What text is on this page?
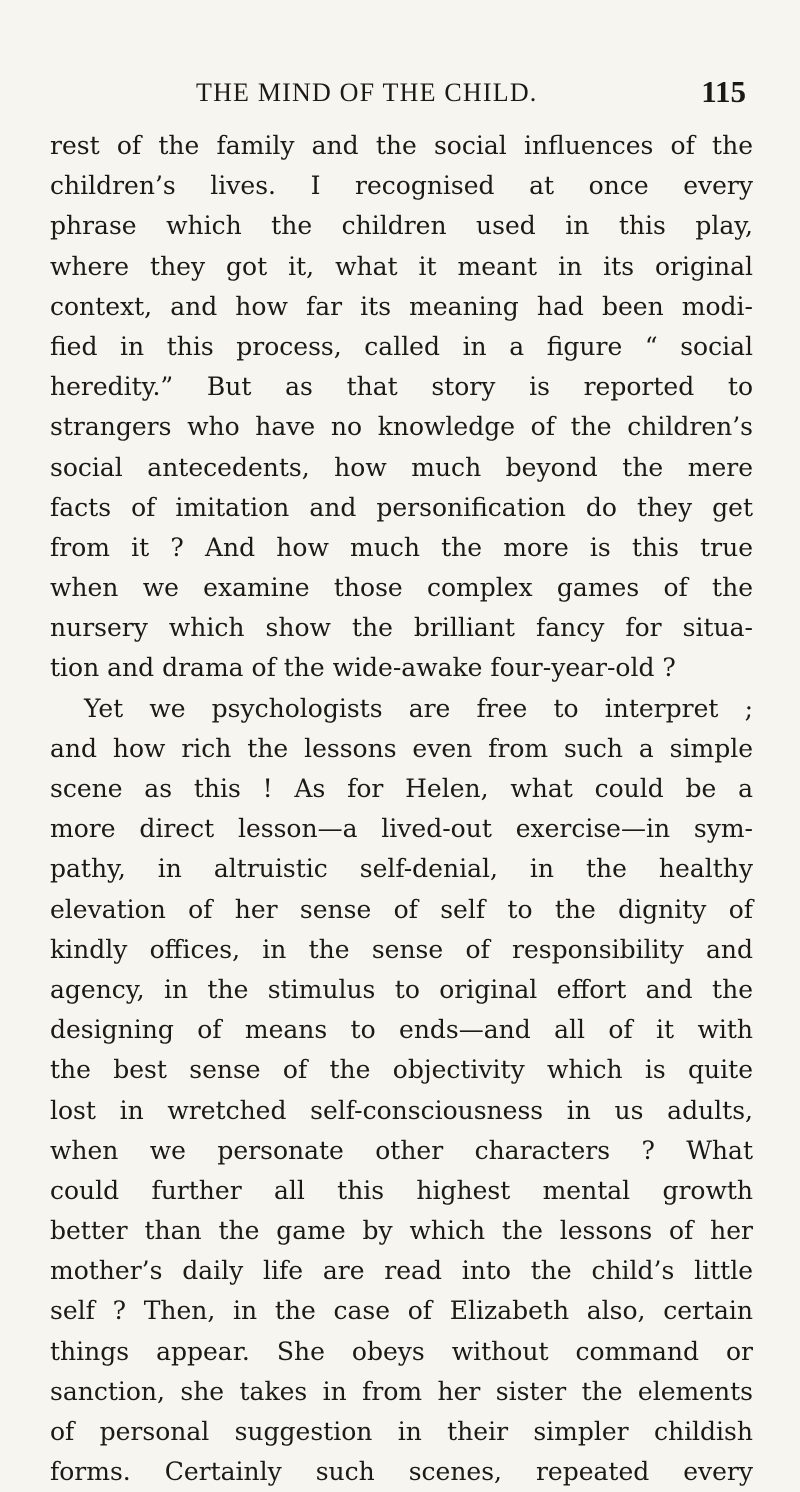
THE MIND OF THE CHILD.	115
rest of the family and the social influences of the
children’s lives. I recognised at once every
phrase which the children used in this play,
where they got it, what it meant in its original
context, and how far its meaning had been modi-
fied in this process, called in a figure “ social
heredity.” But as that story is reported to
strangers who have no knowledge of the children’s
social antecedents, how much beyond the mere
facts of imitation and personification do they get
from it ? And how much the more is this true
when we examine those complex games of the
nursery which show the brilliant fancy for situa-
tion and drama of the wide-awake four-year-old ?
Yet we psychologists are free to interpret ;
and how rich the lessons even from such a simple
scene as this ! As for Helen, what could be a
more direct lesson—a lived-out exercise—in sym-
pathy, in altruistic self-denial, in the healthy
elevation of her sense of self to the dignity of
kindly offices, in the sense of responsibility and
agency, in the stimulus to original effort and the
designing of means to ends—and all of it with
the best sense of the objectivity which is quite
lost in wretched self-consciousness in us adults,
when we personate other characters ? What
could further all this highest mental growth
better than the game by which the lessons of her
mother’s daily life are read into the child’s little
self ? Then, in the case of Elizabeth also, certain
things appear. She obeys without command or
sanction, she takes in from her sister the elements
of personal suggestion in their simpler childish
forms. Certainly such scenes, repeated every
